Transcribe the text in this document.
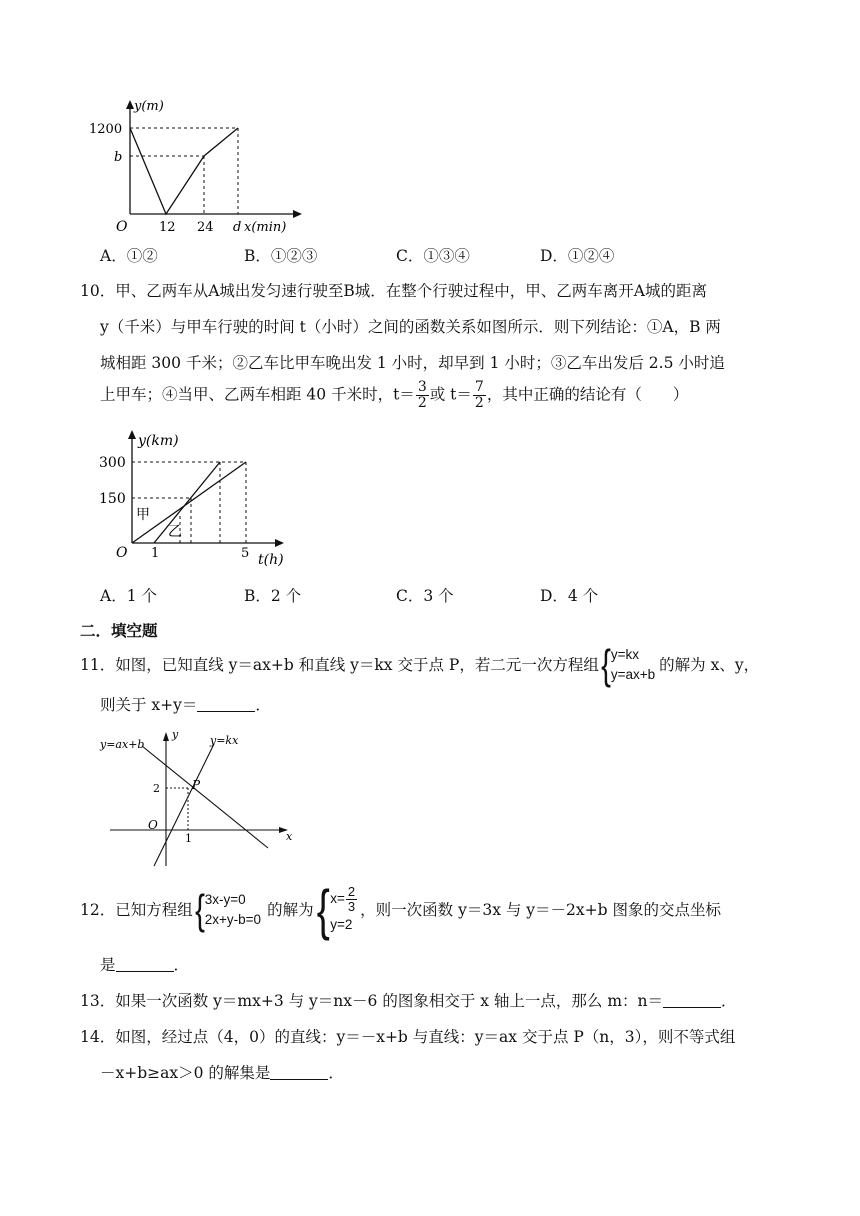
y(m)
1200
b
O 12 24 d x(min)
A．①②	B．①②③	C．①③④	D．①②④
10．甲、乙两车从A城出发匀速行驶至B城．在整个行驶过程中，甲、乙两车离开A城的距离
y（千米）与甲车行驶的时间 t（小时）之间的函数关系如图所示．则下列结论：①A，B 两
城相距 300 千米；②乙车比甲车晚出发 1 小时，却早到 1 小时；③乙车出发后 2.5 小时追
上甲车；④当甲、乙两车相距 40 千米时，$t= \frac{3}{2}$ 或 $t= \frac{7}{2}$ ，其中正确的结论有（　　）
y(km)
300
150
甲
乙
O 1	5 t(h)
A．1 个	B．2 个	C．3 个	D．4 个
二．填空题
11．如图，已知直线 y＝ax+b 和直线 y＝kx 交于点 P，若二元一次方程组 { y=kx
y=ax+b
的解为 x、y，
则关于 x+y＝	．
y=ax+b	y=kx
y
x
O
2
1
P
12．已知方程组 { 3x-y=0
2x+y-b=0
的解为 { $x= \frac{2}{3}$
y=2
，则一次函数 y＝3x 与 y＝－2x+b 图象的交点坐标
是	．
13．如果一次函数 y＝mx+3 与 y＝nx－6 的图象相交于 x 轴上一点，那么 m：n＝	．
14．如图，经过点（4，0）的直线：y＝－x+b 与直线：y＝ax 交于点 P（n，3），则不等式组
－x+b≥ax＞0 的解集是	．
